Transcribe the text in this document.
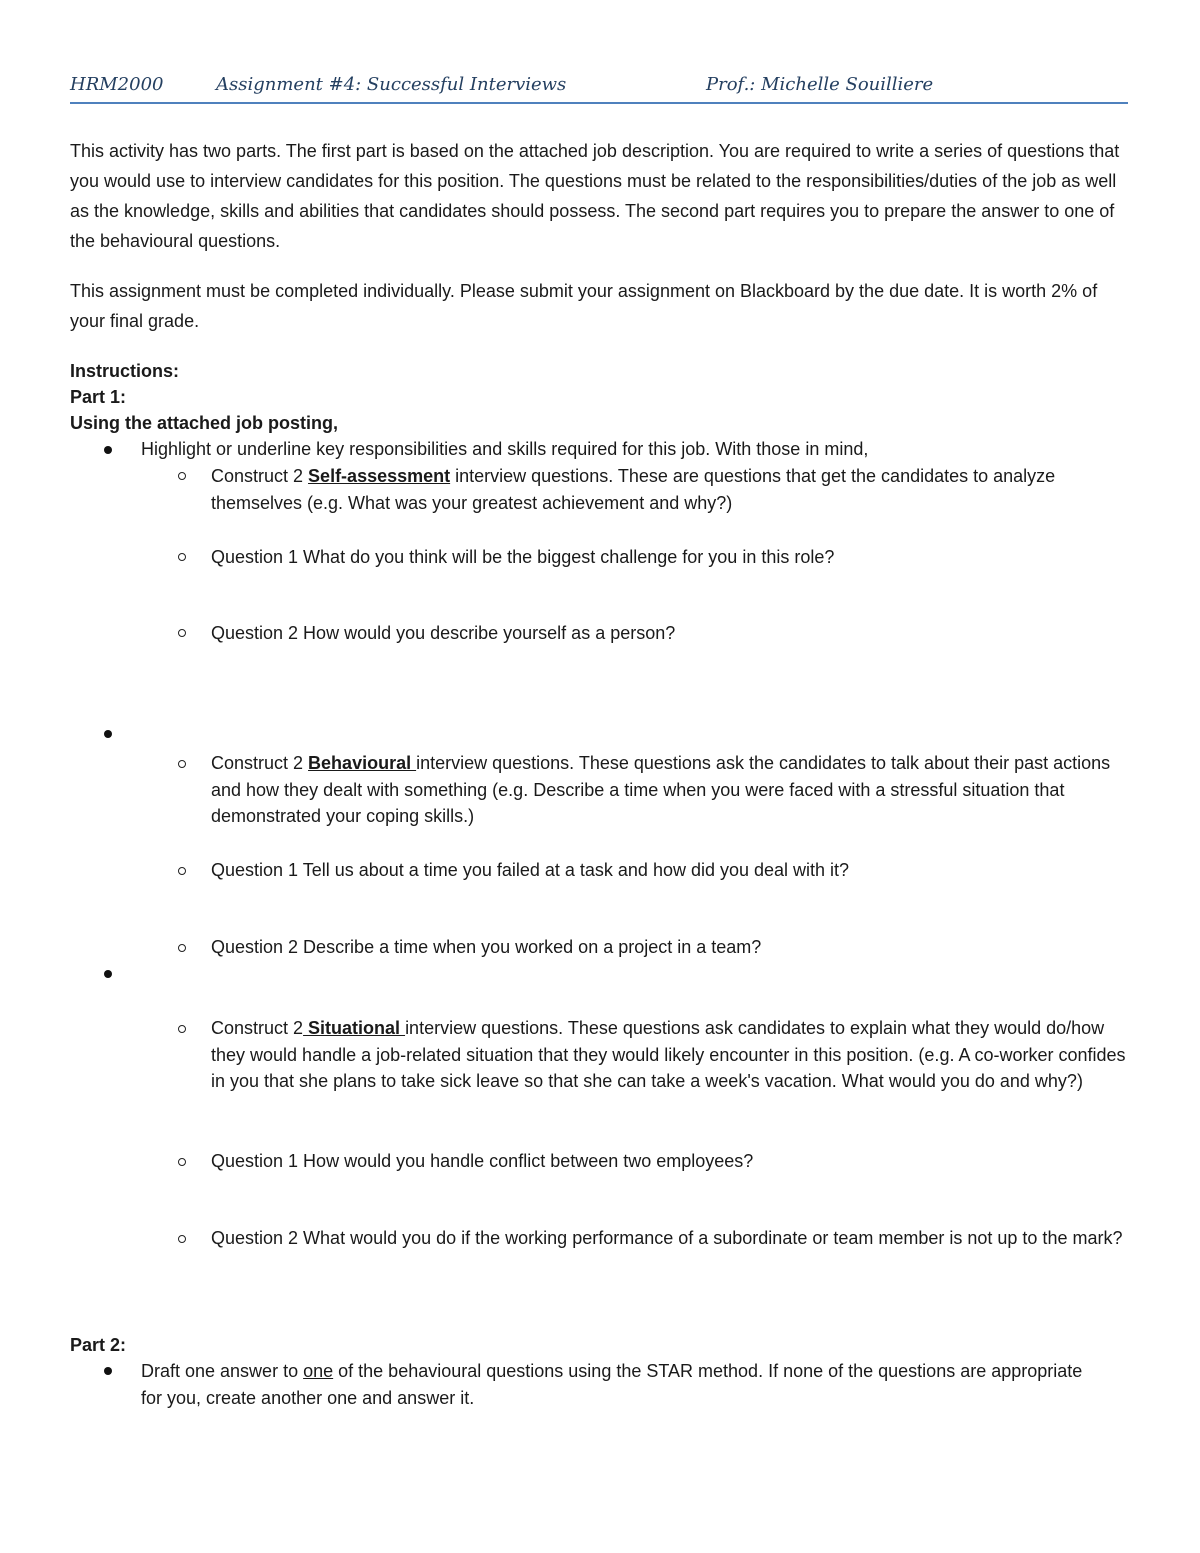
HRM2000	Assignment #4: Successful Interviews	Prof.: Michelle Souilliere

This activity has two parts. The first part is based on the attached job description. You are required to write a series of questions that you would use to interview candidates for this position. The questions must be related to the responsibilities/duties of the job as well as the knowledge, skills and abilities that candidates should possess. The second part requires you to prepare the answer to one of the behavioural questions.

This assignment must be completed individually. Please submit your assignment on Blackboard by the due date. It is worth 2% of your final grade.

Instructions:
Part 1:
Using the attached job posting,

Highlight or underline key responsibilities and skills required for this job. With those in mind,

Construct 2 Self-assessment interview questions. These are questions that get the candidates to analyze themselves (e.g. What was your greatest achievement and why?)

Question 1 What do you think will be the biggest challenge for you in this role?

Question 2 How would you describe yourself as a person?

Construct 2 Behavioural interview questions. These questions ask the candidates to talk about their past actions and how they dealt with something (e.g. Describe a time when you were faced with a stressful situation that demonstrated your coping skills.)

Question 1 Tell us about a time you failed at a task and how did you deal with it?

Question 2 Describe a time when you worked on a project in a team?

Construct 2 Situational interview questions. These questions ask candidates to explain what they would do/how they would handle a job-related situation that they would likely encounter in this position. (e.g. A co-worker confides in you that she plans to take sick leave so that she can take a week's vacation. What would you do and why?)

Question 1 How would you handle conflict between two employees?

Question 2 What would you do if the working performance of a subordinate or team member is not up to the mark?

Part 2:

Draft one answer to one of the behavioural questions using the STAR method. If none of the questions are appropriate for you, create another one and answer it.
